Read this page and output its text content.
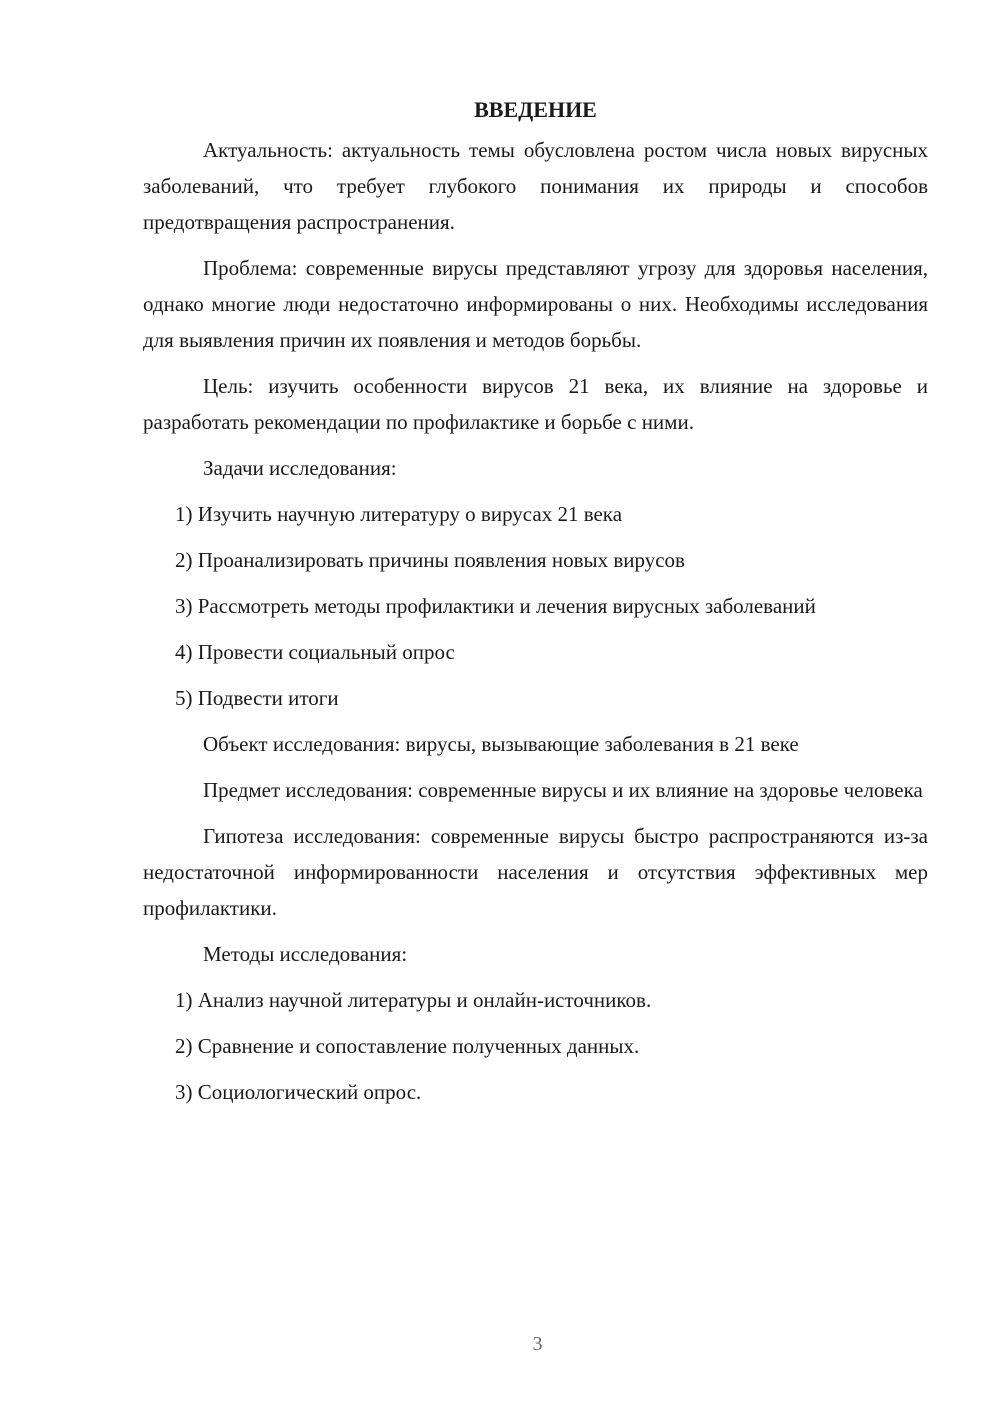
ВВЕДЕНИЕ

Актуальность: актуальность темы обусловлена ростом числа новых вирусных заболеваний, что требует глубокого понимания их природы и способов предотвращения распространения.

Проблема: современные вирусы представляют угрозу для здоровья населения, однако многие люди недостаточно информированы о них. Необходимы исследования для выявления причин их появления и методов борьбы.

Цель: изучить особенности вирусов 21 века, их влияние на здоровье и разработать рекомендации по профилактике и борьбе с ними.

Задачи исследования:

1) Изучить научную литературу о вирусах 21 века

2) Проанализировать причины появления новых вирусов

3) Рассмотреть методы профилактики и лечения вирусных заболеваний

4) Провести социальный опрос

5) Подвести итоги

Объект исследования: вирусы, вызывающие заболевания в 21 веке

Предмет исследования: современные вирусы и их влияние на здоровье человека

Гипотеза исследования: современные вирусы быстро распространяются из-за недостаточной информированности населения и отсутствия эффективных мер профилактики.

Методы исследования:

1) Анализ научной литературы и онлайн-источников.

2) Сравнение и сопоставление полученных данных.

3) Социологический опрос.

3
